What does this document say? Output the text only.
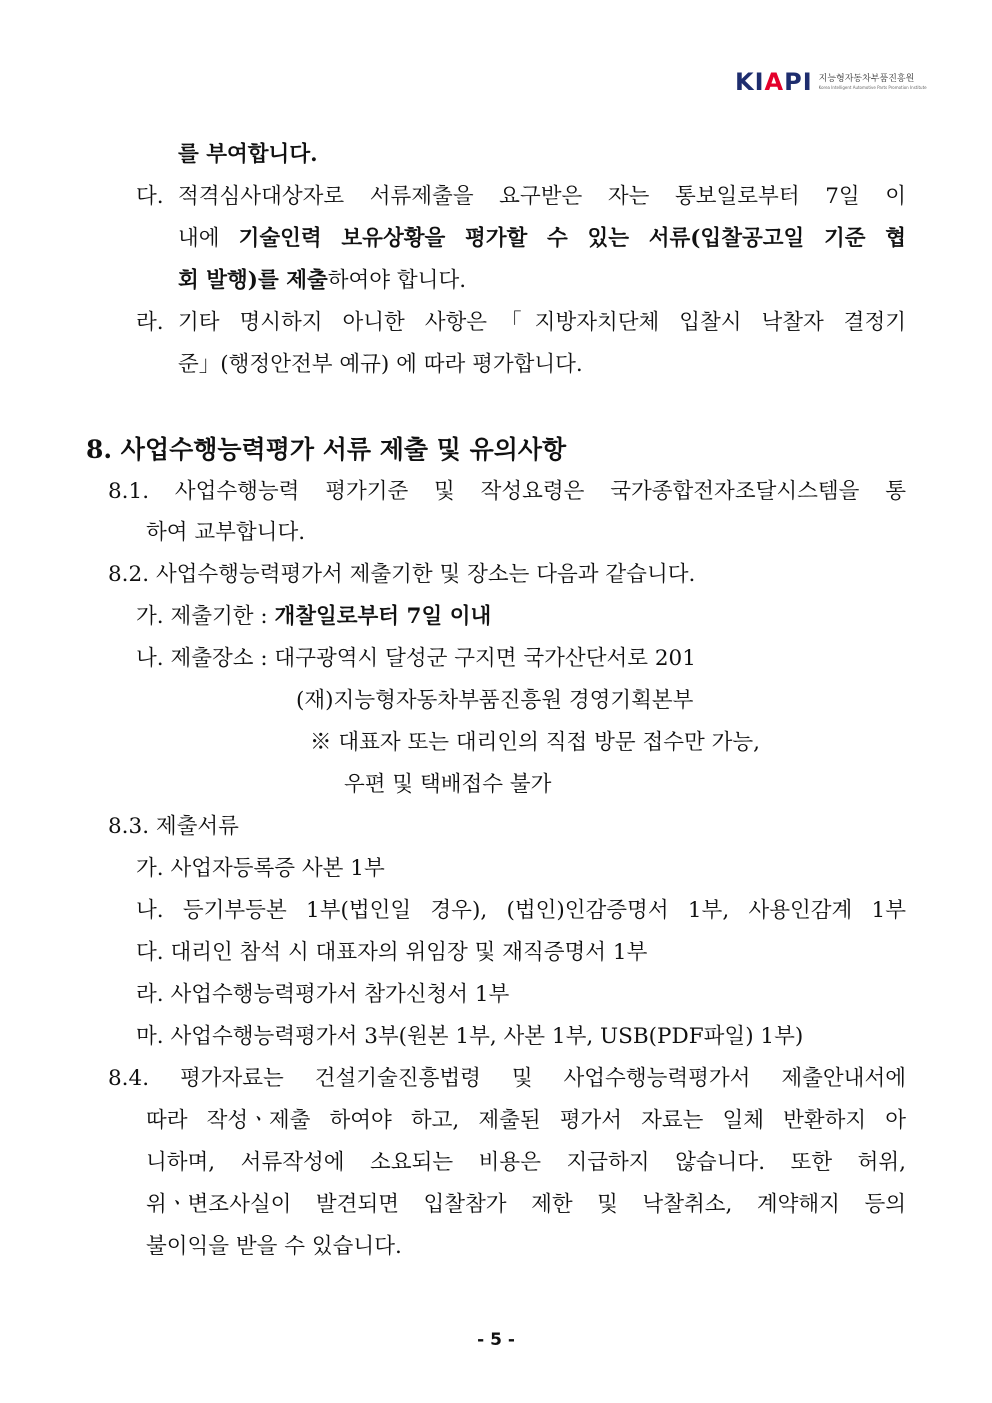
KIAPI 지능형자동차부품진흥원
Korea Intelligent Automotive Parts Promotion Institute
를 부여합니다.
다. 적격심사대상자로 서류제출을 요구받은 자는 통보일로부터 7일 이
내에 기술인력 보유상황을 평가할 수 있는 서류(입찰공고일 기준 협
회 발행)를 제출하여야 합니다.
라. 기타 명시하지 아니한 사항은「지방자치단체 입찰시 낙찰자 결정기
준」(행정안전부 예규) 에 따라 평가합니다.
8. 사업수행능력평가 서류 제출 및 유의사항
8.1. 사업수행능력 평가기준 및 작성요령은 국가종합전자조달시스템을 통
하여 교부합니다.
8.2. 사업수행능력평가서 제출기한 및 장소는 다음과 같습니다.
가. 제출기한 : 개찰일로부터 7일 이내
나. 제출장소 : 대구광역시 달성군 구지면 국가산단서로 201
(재)지능형자동차부품진흥원 경영기획본부
※ 대표자 또는 대리인의 직접 방문 접수만 가능,
우편 및 택배접수 불가
8.3. 제출서류
가. 사업자등록증 사본 1부
나. 등기부등본 1부(법인일 경우), (법인)인감증명서 1부, 사용인감계 1부
다. 대리인 참석 시 대표자의 위임장 및 재직증명서 1부
라. 사업수행능력평가서 참가신청서 1부
마. 사업수행능력평가서 3부(원본 1부, 사본 1부, USB(PDF파일) 1부)
8.4. 평가자료는 건설기술진흥법령 및 사업수행능력평가서 제출안내서에
따라 작성ㆍ제출 하여야 하고, 제출된 평가서 자료는 일체 반환하지 아
니하며, 서류작성에 소요되는 비용은 지급하지 않습니다. 또한 허위,
위ㆍ변조사실이 발견되면 입찰참가 제한 및 낙찰취소, 계약해지 등의
불이익을 받을 수 있습니다.
- 5 -
